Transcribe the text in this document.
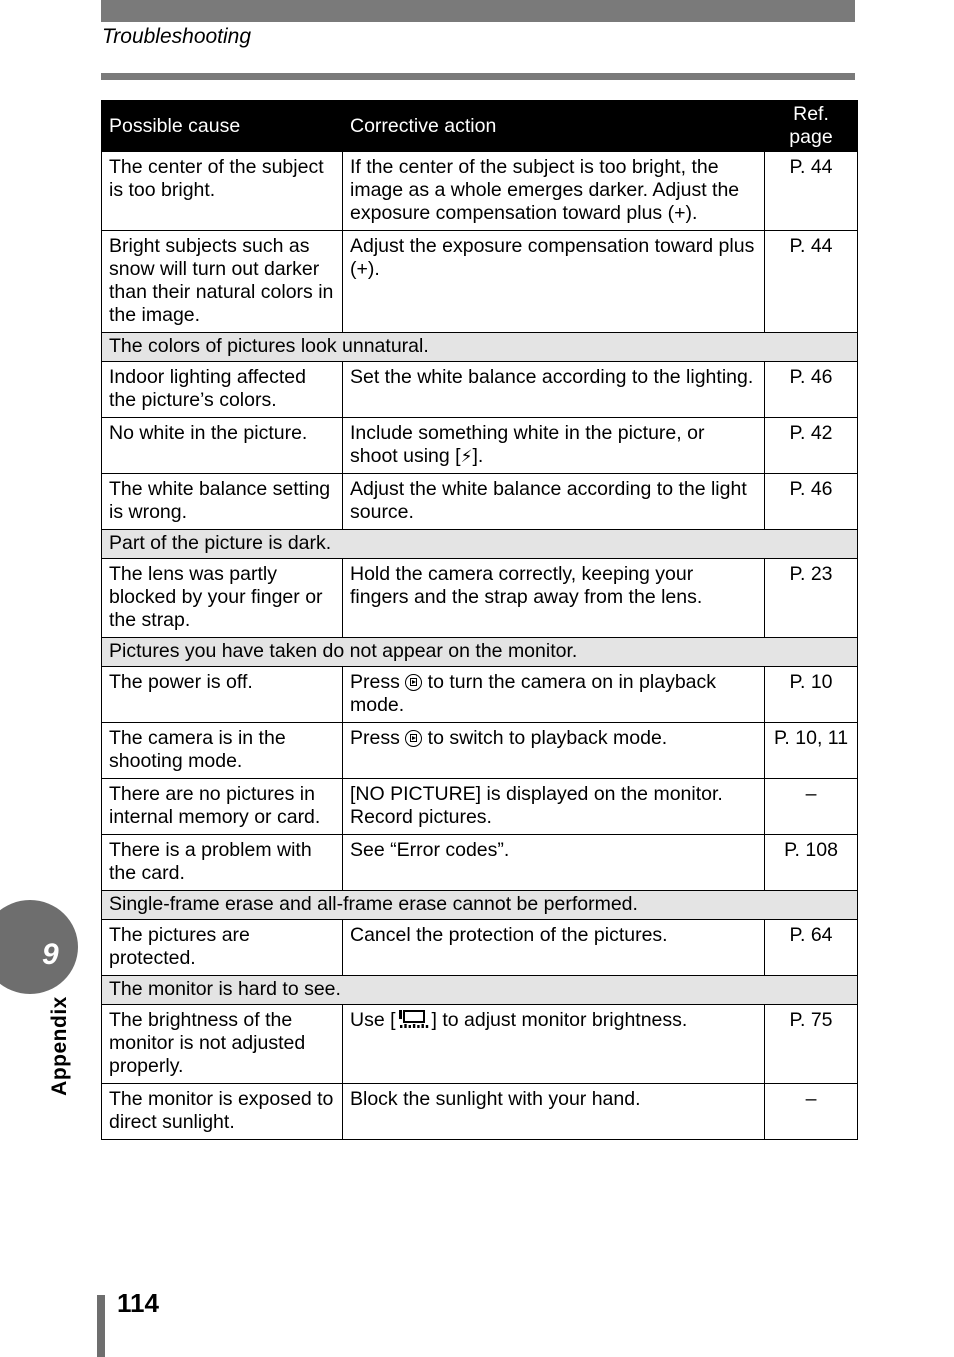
Troubleshooting
Possible cause	Corrective action	Ref. page
The center of the subject is too bright.	If the center of the subject is too bright, the image as a whole emerges darker. Adjust the exposure compensation toward plus (+).	P. 44
Bright subjects such as snow will turn out darker than their natural colors in the image.	Adjust the exposure compensation toward plus (+).	P. 44
The colors of pictures look unnatural.		
Indoor lighting affected the picture’s colors.	Set the white balance according to the lighting.	P. 46
No white in the picture.	Include something white in the picture, or shoot using [⚡].	P. 42
The white balance setting is wrong.	Adjust the white balance according to the light source.	P. 46
Part of the picture is dark.		
The lens was partly blocked by your finger or the strap.	Hold the camera correctly, keeping your fingers and the strap away from the lens.	P. 23
Pictures you have taken do not appear on the monitor.		
The power is off.	Press  to turn the camera on in playback mode.	P. 10
The camera is in the shooting mode.	Press  to switch to playback mode.	P. 10, 11
There are no pictures in internal memory or card.	[NO PICTURE] is displayed on the monitor. Record pictures.	–
There is a problem with the card.	See “Error codes”.	P. 108
Single-frame erase and all-frame erase cannot be performed.		
The pictures are protected.	Cancel the protection of the pictures.	P. 64
The monitor is hard to see.		
The brightness of the monitor is not adjusted properly.	Use [ ] to adjust monitor brightness.	P. 75
The monitor is exposed to direct sunlight.	Block the sunlight with your hand.	–
9
Appendix
114
